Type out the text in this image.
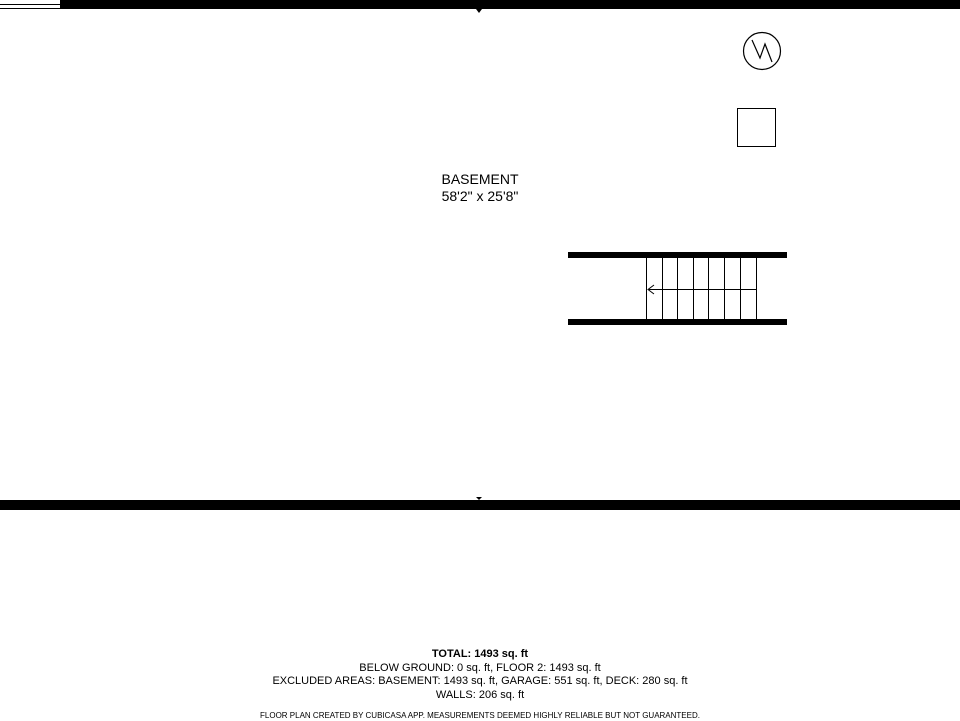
BASEMENT
58'2" x 25'8"
TOTAL: 1493 sq. ft
BELOW GROUND: 0 sq. ft, FLOOR 2: 1493 sq. ft
EXCLUDED AREAS: BASEMENT: 1493 sq. ft, GARAGE: 551 sq. ft, DECK: 280 sq. ft
WALLS: 206 sq. ft
FLOOR PLAN CREATED BY CUBICASA APP. MEASUREMENTS DEEMED HIGHLY RELIABLE BUT NOT GUARANTEED.
